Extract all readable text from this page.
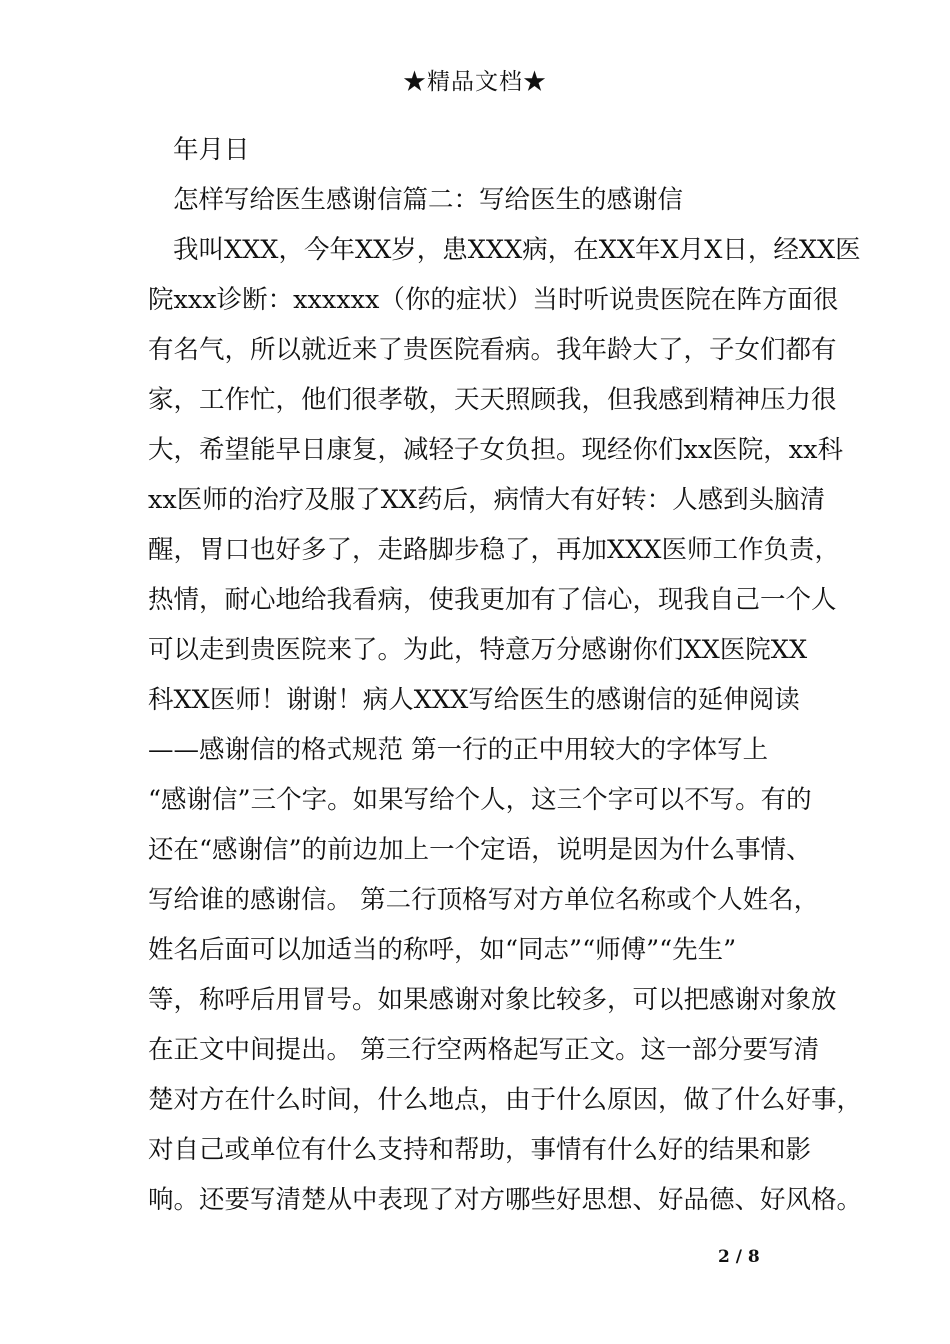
★精品文档★
年月日
怎样写给医生感谢信篇二：写给医生的感谢信
我叫XXX，今年XX岁，患XXX病，在XX年X月X日，经XX医
院xxx诊断：xxxxxx（你的症状）当时听说贵医院在阵方面很
有名气，所以就近来了贵医院看病。我年龄大了，子女们都有
家，工作忙，他们很孝敬，天天照顾我，但我感到精神压力很
大，希望能早日康复，减轻子女负担。现经你们xx医院，xx科
xx医师的治疗及服了XX药后，病情大有好转：人感到头脑清
醒，胃口也好多了，走路脚步稳了，再加XXX医师工作负责，
热情，耐心地给我看病，使我更加有了信心，现我自己一个人
可以走到贵医院来了。为此，特意万分感谢你们XX医院XX
科XX医师！谢谢！病人XXX写给医生的感谢信的延伸阅读
——感谢信的格式规范 第一行的正中用较大的字体写上
“感谢信”三个字。如果写给个人，这三个字可以不写。有的
还在“感谢信”的前边加上一个定语，说明是因为什么事情、
写给谁的感谢信。 第二行顶格写对方单位名称或个人姓名，
姓名后面可以加适当的称呼，如“同志”“师傅”“先生”
等，称呼后用冒号。如果感谢对象比较多，可以把感谢对象放
在正文中间提出。 第三行空两格起写正文。这一部分要写清
楚对方在什么时间，什么地点，由于什么原因，做了什么好事，
对自己或单位有什么支持和帮助，事情有什么好的结果和影
响。还要写清楚从中表现了对方哪些好思想、好品德、好风格。
2 / 8
